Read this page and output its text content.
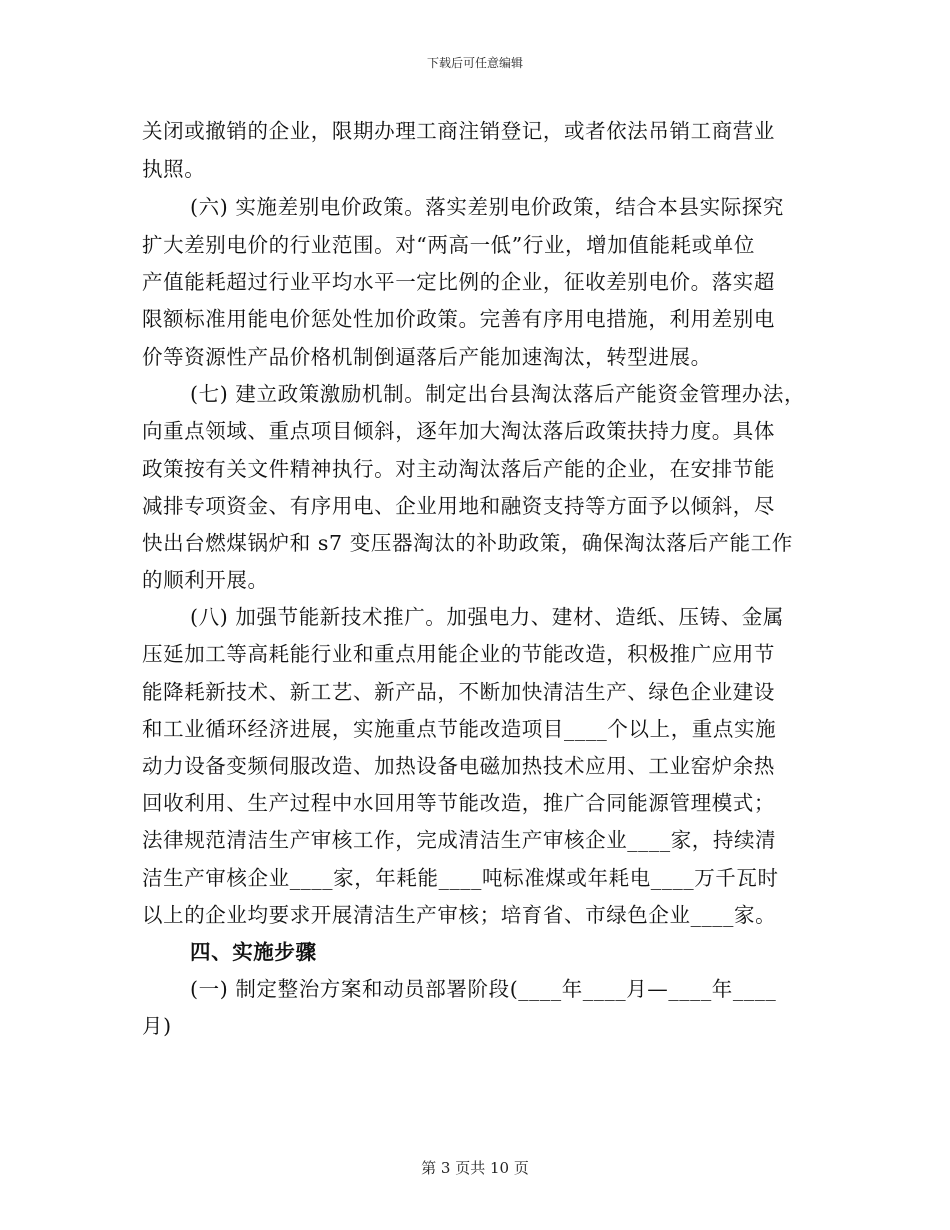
下载后可任意编辑
关闭或撤销的企业，限期办理工商注销登记，或者依法吊销工商营业
执照。
(六) 实施差别电价政策。落实差别电价政策，结合本县实际探究
扩大差别电价的行业范围。对“两高一低”行业，增加值能耗或单位
产值能耗超过行业平均水平一定比例的企业，征收差别电价。落实超
限额标准用能电价惩处性加价政策。完善有序用电措施，利用差别电
价等资源性产品价格机制倒逼落后产能加速淘汰，转型进展。
(七) 建立政策激励机制。制定出台县淘汰落后产能资金管理办法，
向重点领域、重点项目倾斜，逐年加大淘汰落后政策扶持力度。具体
政策按有关文件精神执行。对主动淘汰落后产能的企业，在安排节能
减排专项资金、有序用电、企业用地和融资支持等方面予以倾斜，尽
快出台燃煤锅炉和 s7 变压器淘汰的补助政策，确保淘汰落后产能工作
的顺利开展。
(八) 加强节能新技术推广。加强电力、建材、造纸、压铸、金属
压延加工等高耗能行业和重点用能企业的节能改造，积极推广应用节
能降耗新技术、新工艺、新产品，不断加快清洁生产、绿色企业建设
和工业循环经济进展，实施重点节能改造项目____个以上，重点实施
动力设备变频伺服改造、加热设备电磁加热技术应用、工业窑炉余热
回收利用、生产过程中水回用等节能改造，推广合同能源管理模式；
法律规范清洁生产审核工作，完成清洁生产审核企业____家，持续清
洁生产审核企业____家，年耗能____吨标准煤或年耗电____万千瓦时
以上的企业均要求开展清洁生产审核；培育省、市绿色企业____家。
四、实施步骤
(一) 制定整治方案和动员部署阶段(____年____月—____年____
月)
第 3 页共 10 页
